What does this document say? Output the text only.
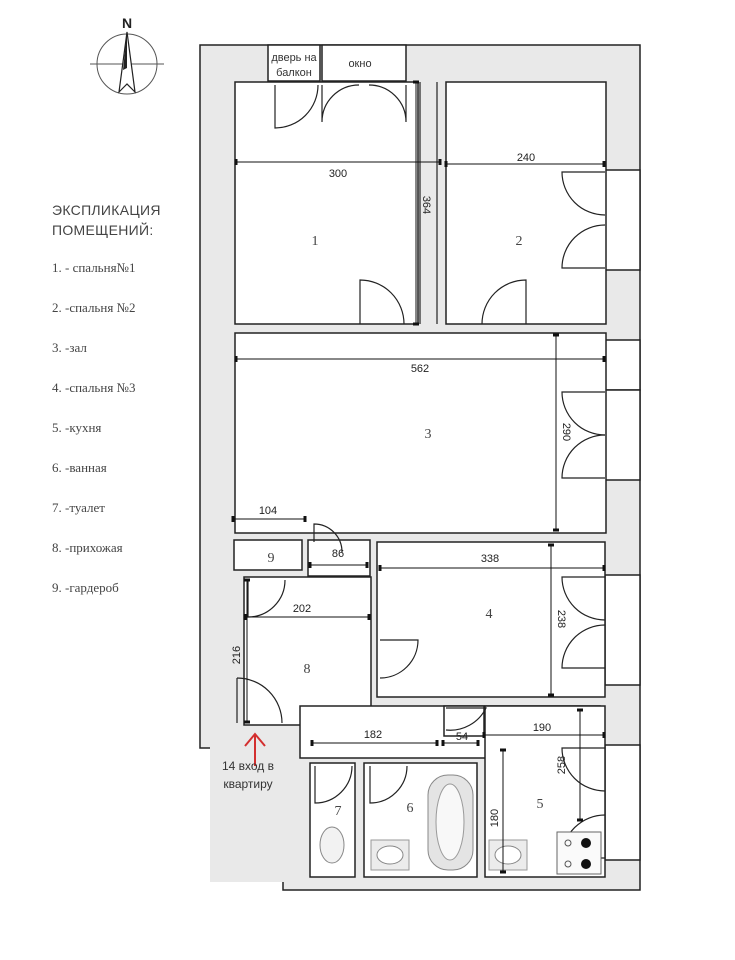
ЭКСПЛИКАЦИЯ
ПОМЕЩЕНИЙ:
1. - спальня№1
2. -спальня №2
3. -зал
4. -спальня №3
5. -кухня
6. -ванная
7. -туалет
8. -прихожая
9. -гардероб
N
дверь на
балкон
окно
300
364
240
562
290
104
86	338
238
202
216
182	54
190
258
180
1	2
3
4
5
6
7
8
9
14 вход в
квартиру
